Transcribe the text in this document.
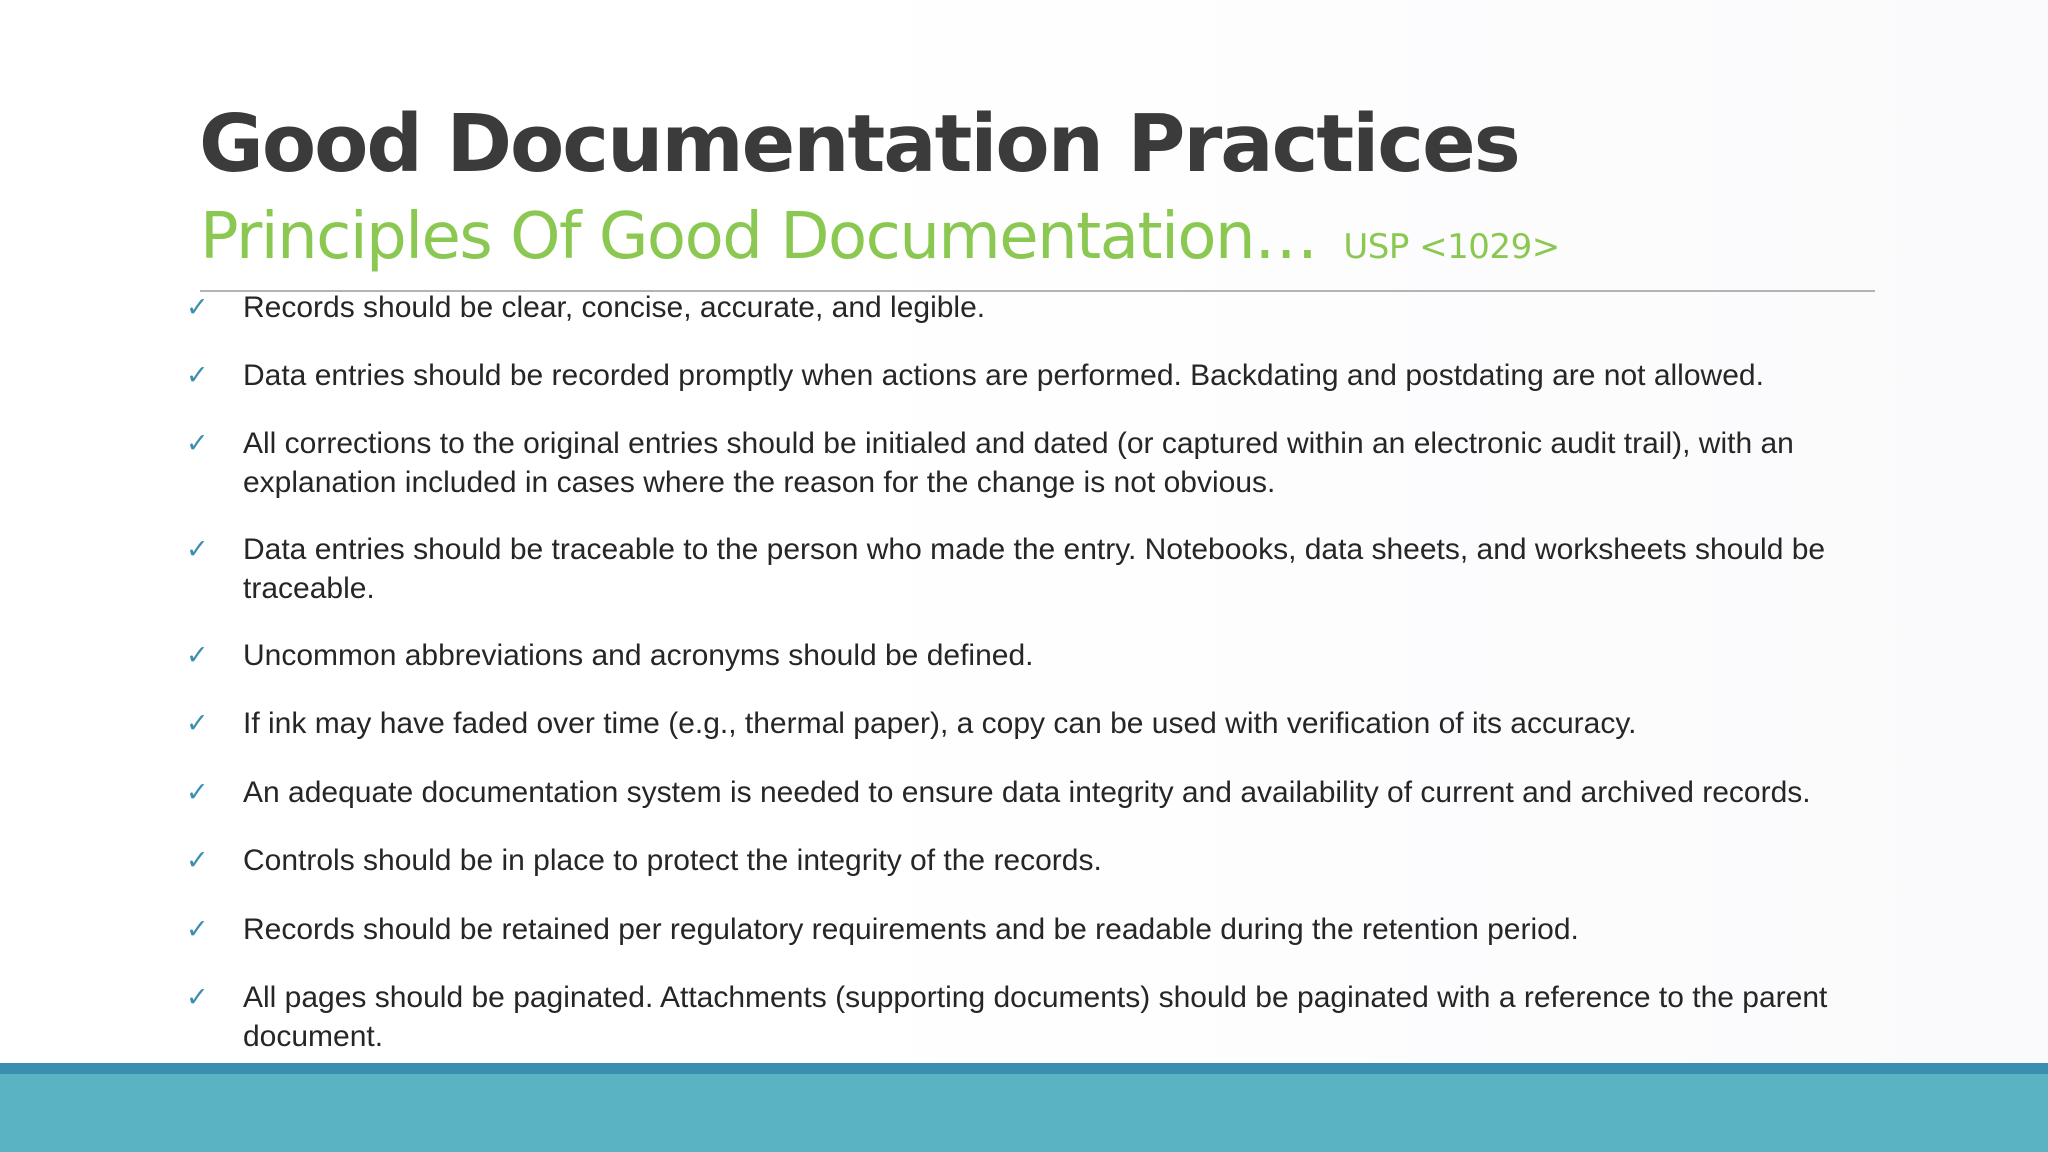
Good Documentation Practices
Principles Of Good Documentation… USP <1029>
✓ Records should be clear, concise, accurate, and legible.
✓ Data entries should be recorded promptly when actions are performed. Backdating and postdating are not allowed.
✓ All corrections to the original entries should be initialed and dated (or captured within an electronic audit trail), with an explanation included in cases where the reason for the change is not obvious.
✓ Data entries should be traceable to the person who made the entry. Notebooks, data sheets, and worksheets should be traceable.
✓ Uncommon abbreviations and acronyms should be defined.
✓ If ink may have faded over time (e.g., thermal paper), a copy can be used with verification of its accuracy.
✓ An adequate documentation system is needed to ensure data integrity and availability of current and archived records.
✓ Controls should be in place to protect the integrity of the records.
✓ Records should be retained per regulatory requirements and be readable during the retention period.
✓ All pages should be paginated. Attachments (supporting documents) should be paginated with a reference to the parent document.
